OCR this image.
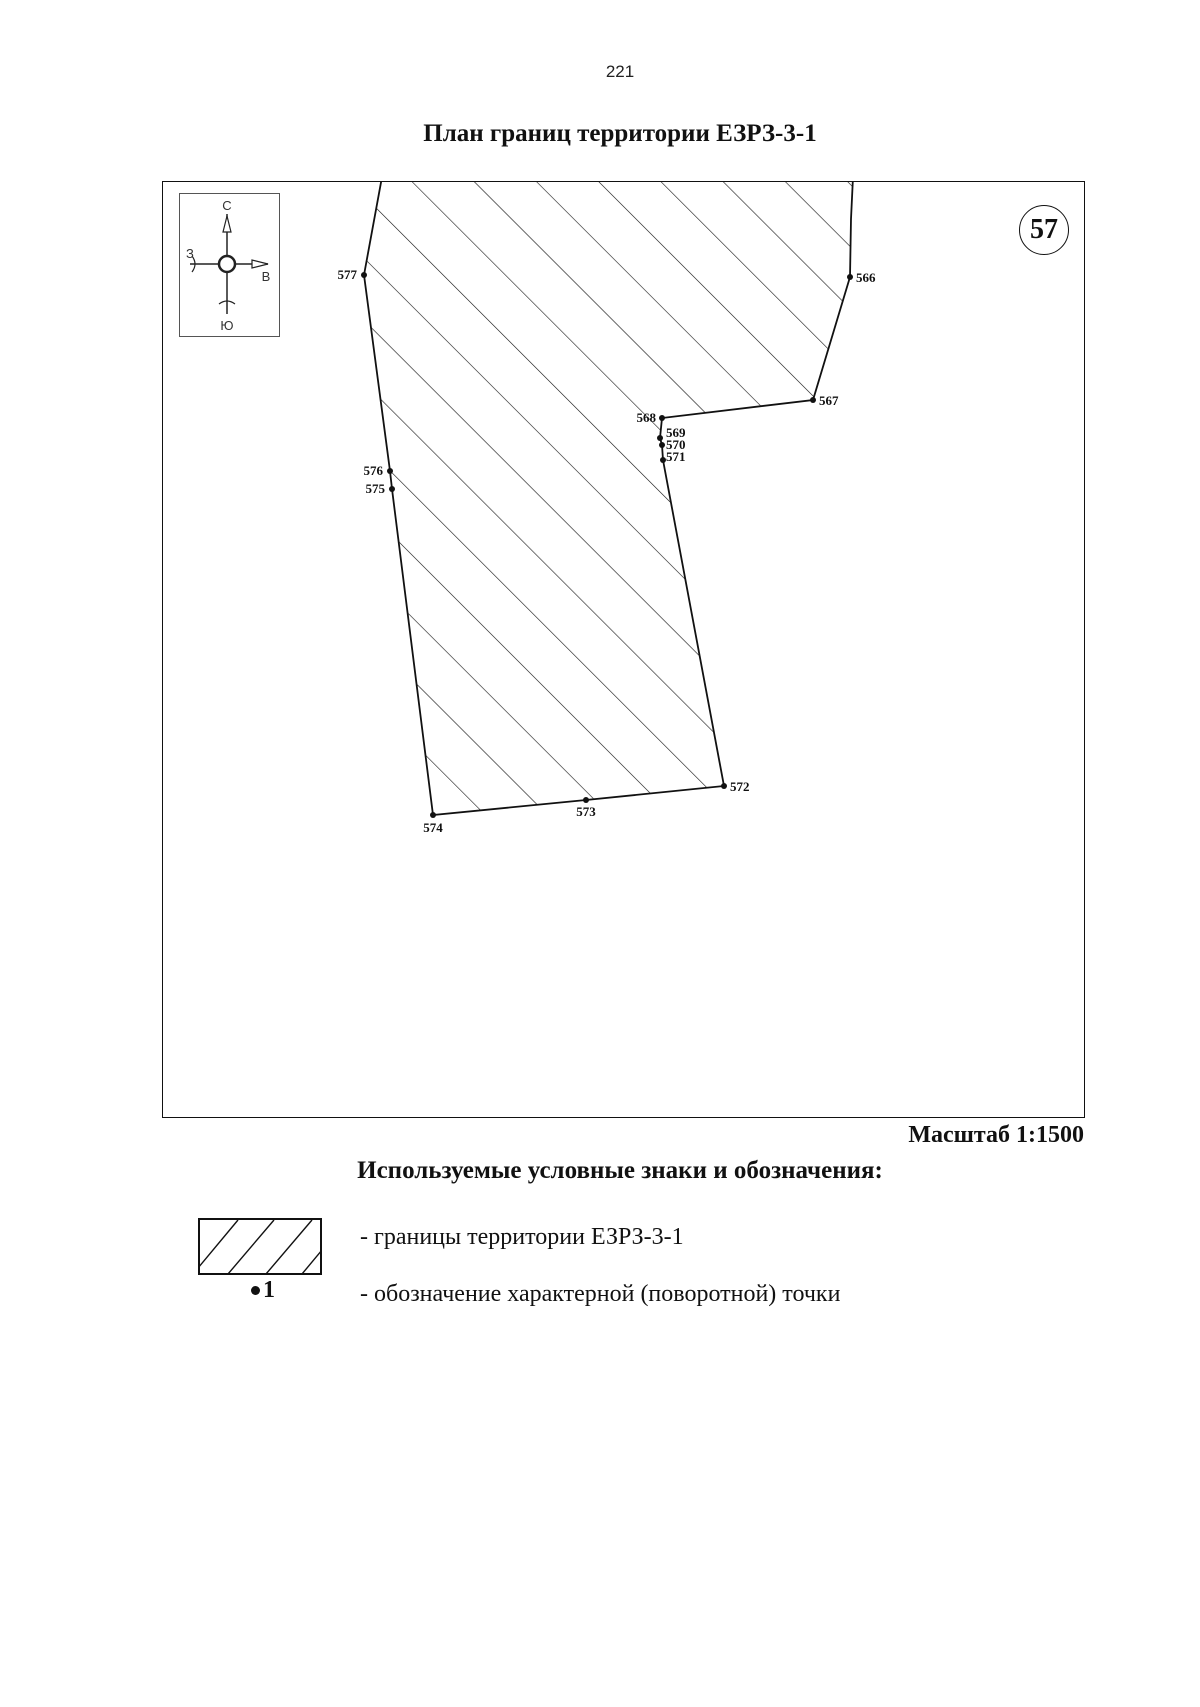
221
План границ территории ЕЗРЗ-3-1
566
567
568
569
570
571
572
573
574
575
576
577
С
Ю
З
В
57
Масштаб 1:1500
Используемые условные знаки и обозначения:
1
- границы территории ЕЗРЗ-3-1
- обозначение характерной (поворотной) точки
